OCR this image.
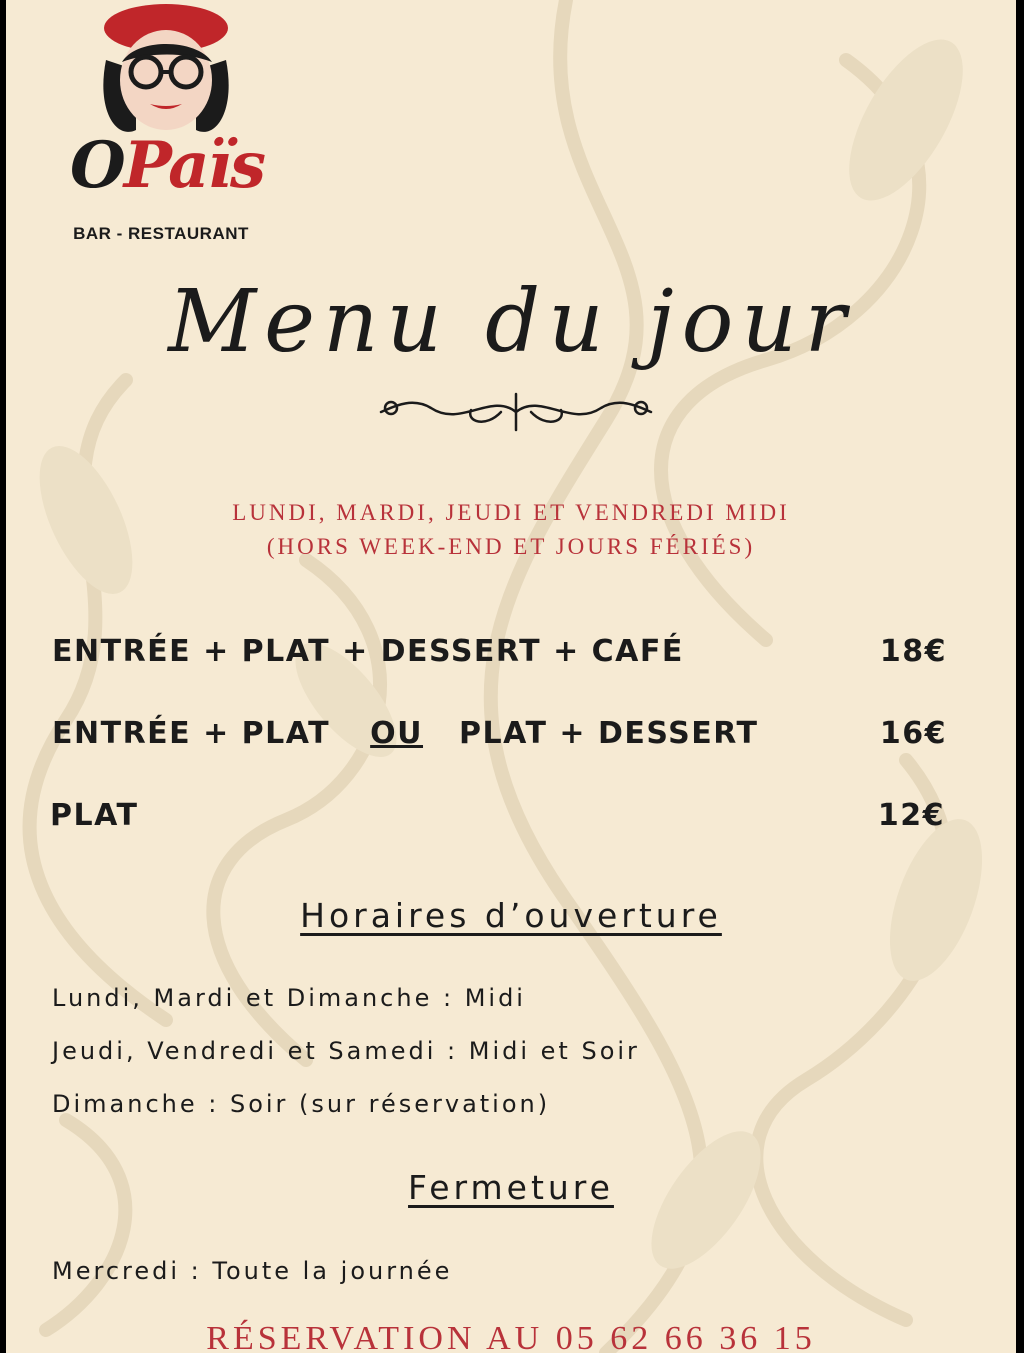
OPaïs
BAR - RESTAURANT
Menu du jour
LUNDI, MARDI, JEUDI ET VENDREDI MIDI
(HORS WEEK-END ET JOURS FÉRIÉS)
ENTRÉE + PLAT + DESSERT + CAFÉ	18€
ENTRÉE + PLAT OU PLAT + DESSERT	16€
PLAT	12€
Horaires d’ouverture
Lundi, Mardi et Dimanche : Midi
Jeudi, Vendredi et Samedi : Midi et Soir
Dimanche : Soir (sur réservation)
Fermeture
Mercredi : Toute la journée
RÉSERVATION AU 05 62 66 36 15
